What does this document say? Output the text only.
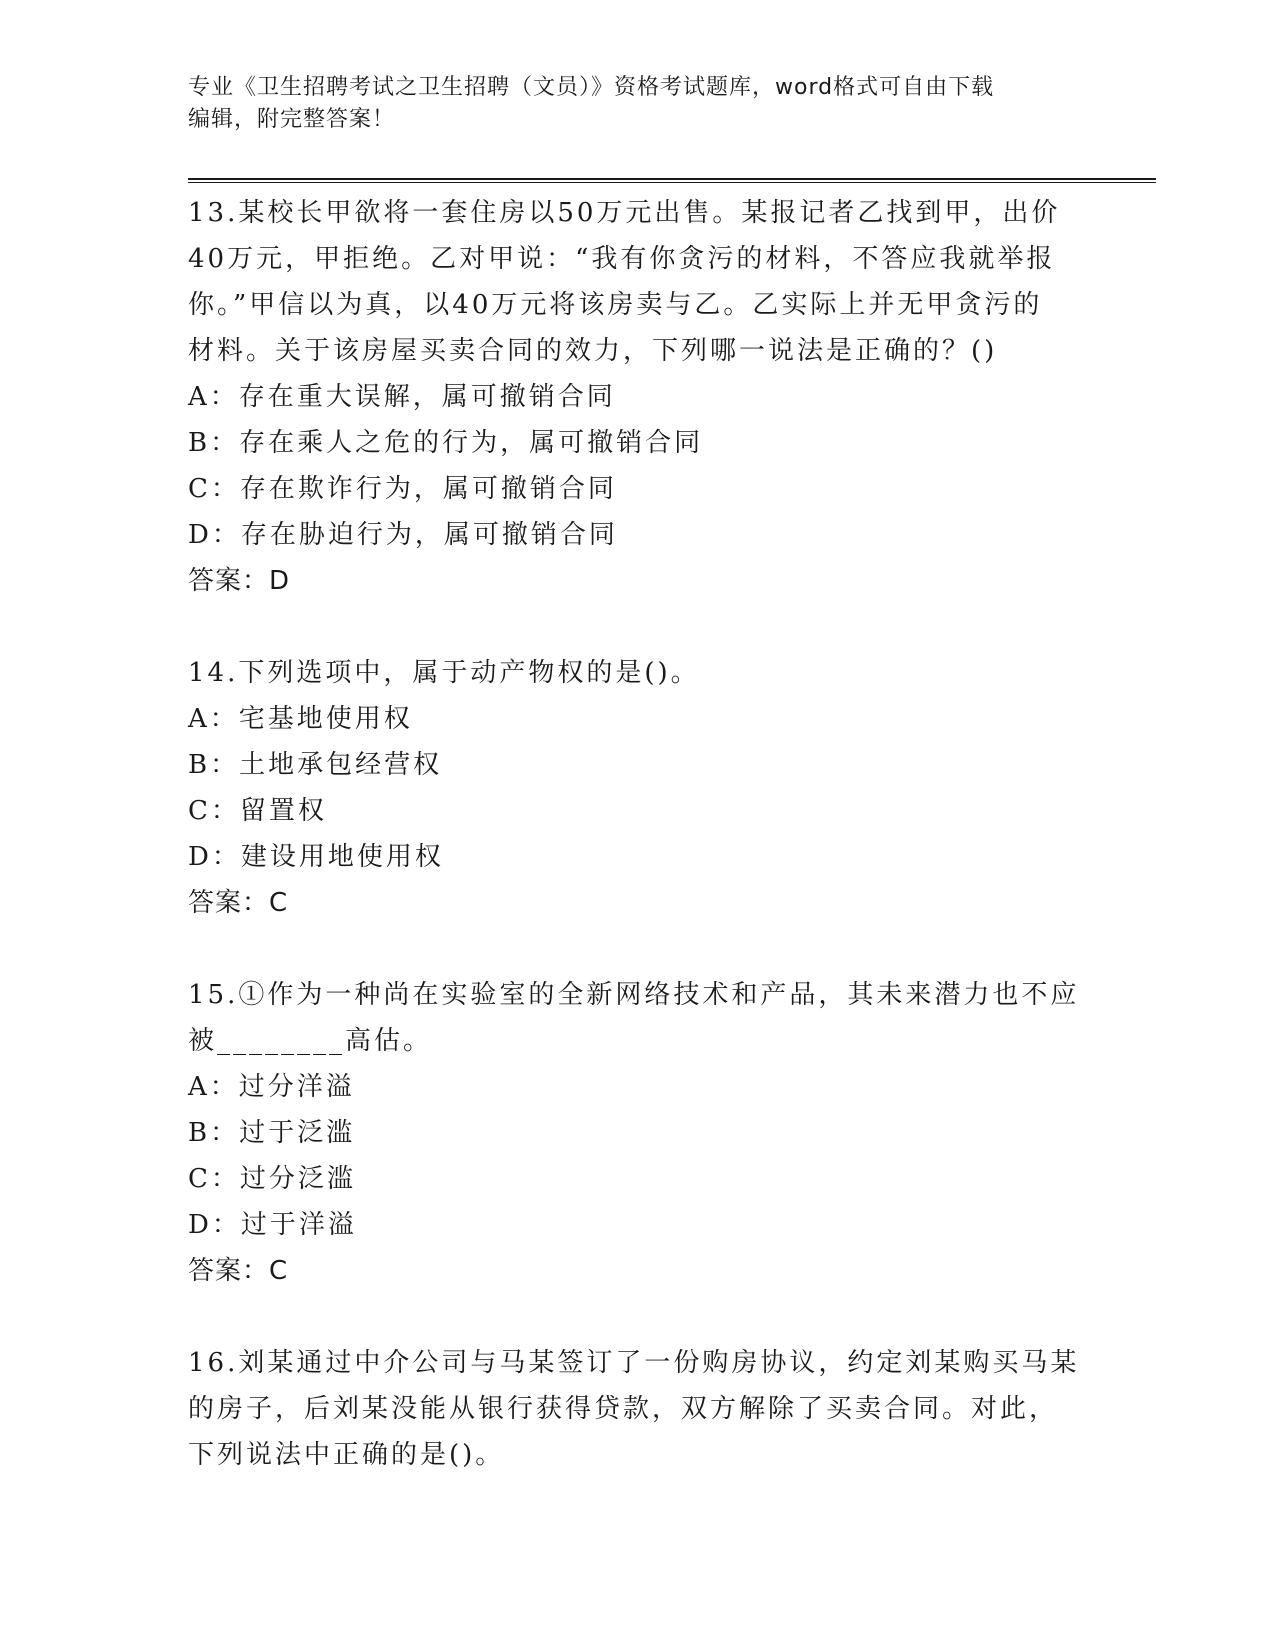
专业《卫生招聘考试之卫生招聘（文员）》资格考试题库，word格式可自由下载
编辑，附完整答案！
13.某校长甲欲将一套住房以50万元出售。某报记者乙找到甲，出价
40万元，甲拒绝。乙对甲说：“我有你贪污的材料，不答应我就举报
你。”甲信以为真，以40万元将该房卖与乙。乙实际上并无甲贪污的
材料。关于该房屋买卖合同的效力，下列哪一说法是正确的？()
A：存在重大误解，属可撤销合同
B：存在乘人之危的行为，属可撤销合同
C：存在欺诈行为，属可撤销合同
D：存在胁迫行为，属可撤销合同
答案：D
14.下列选项中，属于动产物权的是()。
A：宅基地使用权
B：土地承包经营权
C：留置权
D：建设用地使用权
答案：C
15.①作为一种尚在实验室的全新网络技术和产品，其未来潜力也不应
被________高估。
A：过分洋溢
B：过于泛滥
C：过分泛滥
D：过于洋溢
答案：C
16.刘某通过中介公司与马某签订了一份购房协议，约定刘某购买马某
的房子，后刘某没能从银行获得贷款，双方解除了买卖合同。对此，
下列说法中正确的是()。
